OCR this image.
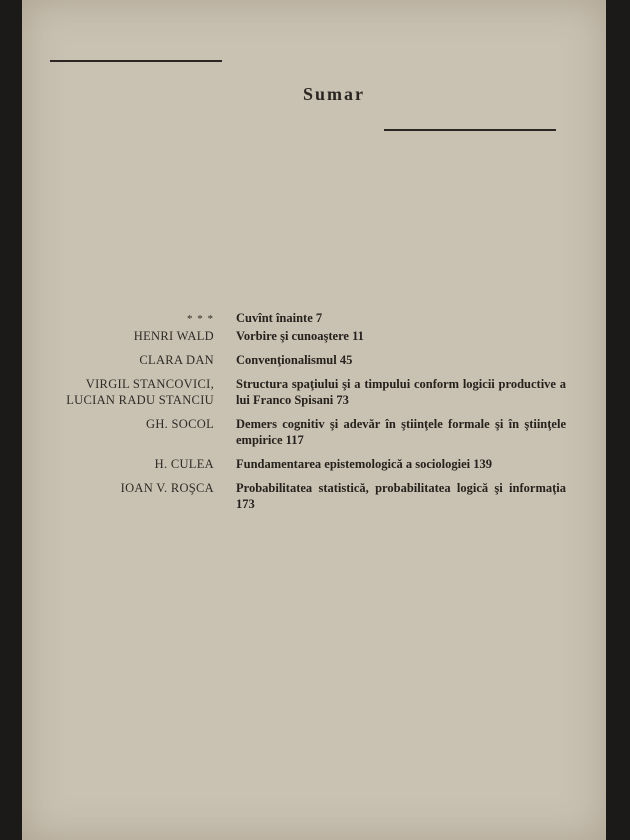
Sumar
* * * Cuvînt înainte 7
HENRI WALD Vorbire şi cunoaştere 11
CLARA DAN Convenţionalismul 45
VIRGIL STANCOVICI,
LUCIAN RADU STANCIU
Structura spaţiului şi a timpului conform logicii productive a lui Franco Spisani 73
GH. SOCOL Demers cognitiv şi adevăr în ştiinţele formale şi în ştiinţele empirice 117
H. CULEA Fundamentarea epistemologică a sociologiei 139
IOAN V. ROŞCA Probabilitatea statistică, probabilitatea logică şi informaţia 173
